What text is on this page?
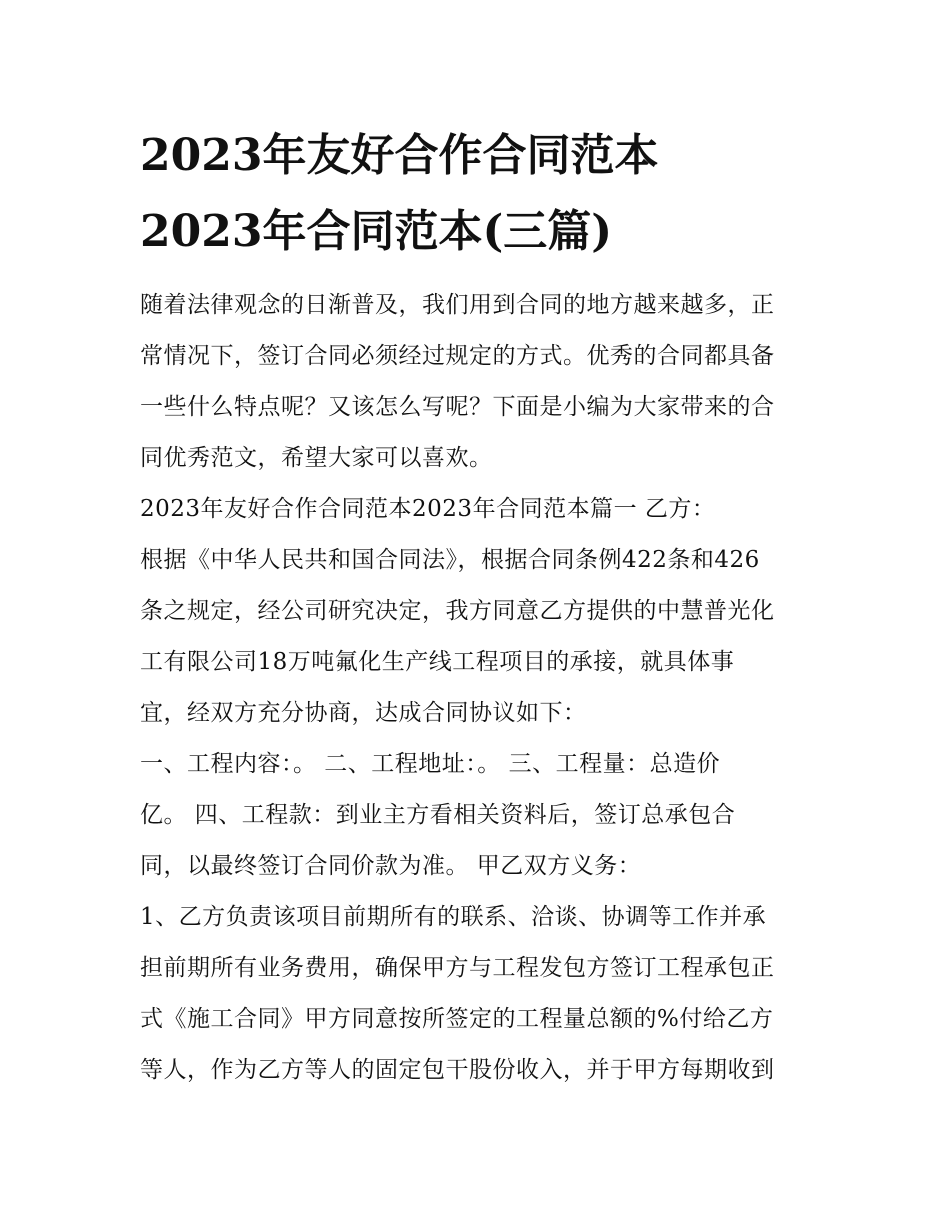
2023年友好合作合同范本
2023年合同范本(三篇)
随着法律观念的日渐普及，我们用到合同的地方越来越多，正
常情况下，签订合同必须经过规定的方式。优秀的合同都具备
一些什么特点呢？又该怎么写呢？下面是小编为大家带来的合
同优秀范文，希望大家可以喜欢。
2023年友好合作合同范本2023年合同范本篇一 乙方：
根据《中华人民共和国合同法》，根据合同条例422条和426
条之规定，经公司研究决定，我方同意乙方提供的中慧普光化
工有限公司18万吨氟化生产线工程项目的承接，就具体事
宜，经双方充分协商，达成合同协议如下：
一、工程内容：。 二、工程地址：。 三、工程量：总造价
亿。 四、工程款：到业主方看相关资料后，签订总承包合
同，以最终签订合同价款为准。 甲乙双方义务：
1、乙方负责该项目前期所有的联系、洽谈、协调等工作并承
担前期所有业务费用，确保甲方与工程发包方签订工程承包正
式《施工合同》甲方同意按所签定的工程量总额的%付给乙方
等人，作为乙方等人的固定包干股份收入，并于甲方每期收到
